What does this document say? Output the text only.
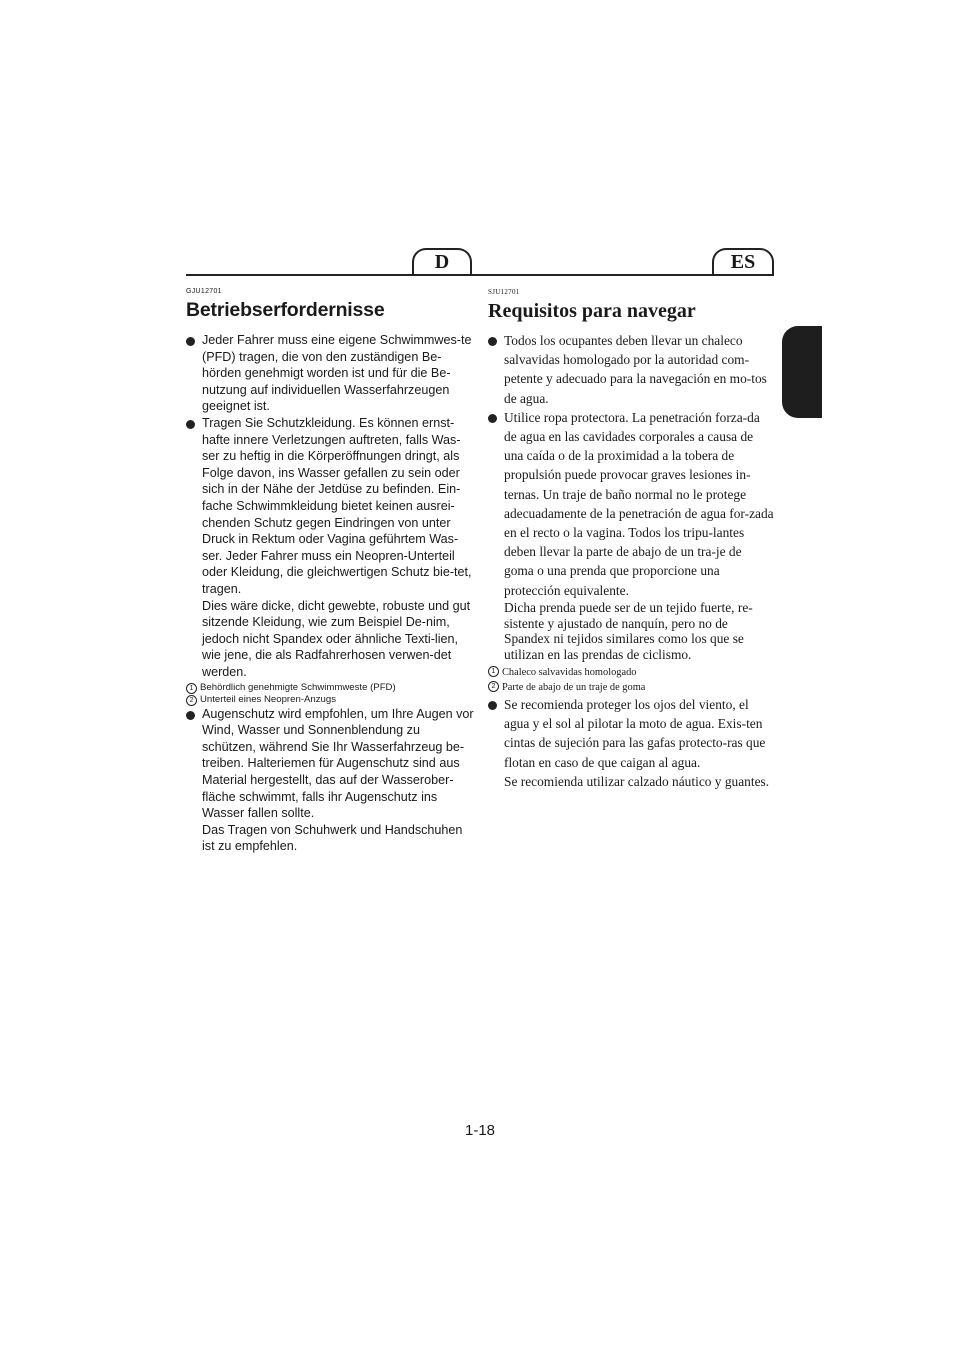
D	ES

GJU12701

Betriebserfordernisse

Jeder Fahrer muss eine eigene Schwimmwes-te (PFD) tragen, die von den zuständigen Be-hörden genehmigt worden ist und für die Be-nutzung auf individuellen Wasserfahrzeugen geeignet ist.

Tragen Sie Schutzkleidung. Es können ernst-hafte innere Verletzungen auftreten, falls Was-ser zu heftig in die Körperöffnungen dringt, als Folge davon, ins Wasser gefallen zu sein oder sich in der Nähe der Jetdüse zu befinden. Ein-fache Schwimmkleidung bietet keinen ausrei-chenden Schutz gegen Eindringen von unter Druck in Rektum oder Vagina geführtem Was-ser. Jeder Fahrer muss ein Neopren-Unterteil oder Kleidung, die gleichwertigen Schutz bie-tet, tragen.
Dies wäre dicke, dicht gewebte, robuste und gut sitzende Kleidung, wie zum Beispiel De-nim, jedoch nicht Spandex oder ähnliche Texti-lien, wie jene, die als Radfahrerhosen verwen-det werden.

1 Behördlich genehmigte Schwimmweste (PFD)

2 Unterteil eines Neopren-Anzugs

Augenschutz wird empfohlen, um Ihre Augen vor Wind, Wasser und Sonnenblendung zu schützen, während Sie Ihr Wasserfahrzeug be-treiben. Halteriemen für Augenschutz sind aus Material hergestellt, das auf der Wasserober-fläche schwimmt, falls ihr Augenschutz ins Wasser fallen sollte.
Das Tragen von Schuhwerk und Handschuhen ist zu empfehlen.

SJU12701

Requisitos para navegar

Todos los ocupantes deben llevar un chaleco salvavidas homologado por la autoridad com-petente y adecuado para la navegación en mo-tos de agua.

Utilice ropa protectora. La penetración forza-da de agua en las cavidades corporales a causa de una caída o de la proximidad a la tobera de propulsión puede provocar graves lesiones in-ternas. Un traje de baño normal no le protege adecuadamente de la penetración de agua for-zada en el recto o la vagina. Todos los tripu-lantes deben llevar la parte de abajo de un tra-je de goma o una prenda que proporcione una protección equivalente.

Dicha prenda puede ser de un tejido fuerte, re-sistente y ajustado de nanquín, pero no de Spandex ni tejidos similares como los que se utilizan en las prendas de ciclismo.

1 Chaleco salvavidas homologado

2 Parte de abajo de un traje de goma

Se recomienda proteger los ojos del viento, el agua y el sol al pilotar la moto de agua. Exis-ten cintas de sujeción para las gafas protecto-ras que flotan en caso de que caigan al agua.
Se recomienda utilizar calzado náutico y guantes.

1-18
